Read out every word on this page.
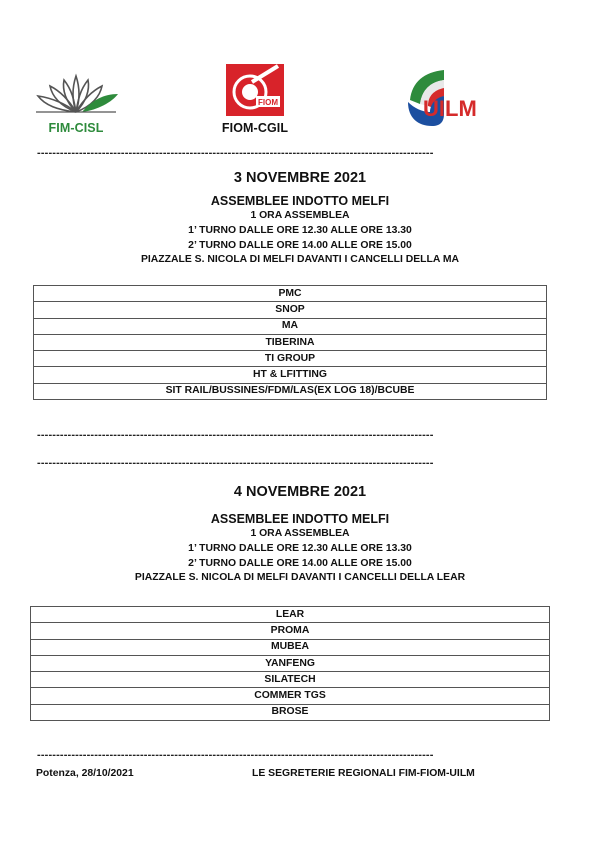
FIM-CISL
FIOM
FIOM-CGIL
UILM
--------------------------------------------------------------------------------------------------------
3 NOVEMBRE 2021
ASSEMBLEE INDOTTO MELFI
1 ORA ASSEMBLEA
1’ TURNO DALLE ORE 12.30 ALLE ORE 13.30
2’ TURNO DALLE ORE 14.00 ALLE ORE 15.00
PIAZZALE S. NICOLA DI MELFI DAVANTI I CANCELLI DELLA MA
PMC
SNOP
MA
TIBERINA
TI GROUP
HT & LFITTING
SIT RAIL/BUSSINES/FDM/LAS(EX LOG 18)/BCUBE
--------------------------------------------------------------------------------------------------------
--------------------------------------------------------------------------------------------------------
4 NOVEMBRE 2021
ASSEMBLEE INDOTTO MELFI
1 ORA ASSEMBLEA
1’ TURNO DALLE ORE 12.30 ALLE ORE 13.30
2’ TURNO DALLE ORE 14.00 ALLE ORE 15.00
PIAZZALE S. NICOLA DI MELFI DAVANTI I CANCELLI DELLA LEAR
LEAR
PROMA
MUBEA
YANFENG
SILATECH
COMMER TGS
BROSE
--------------------------------------------------------------------------------------------------------
Potenza, 28/10/2021	LE SEGRETERIE REGIONALI FIM-FIOM-UILM
